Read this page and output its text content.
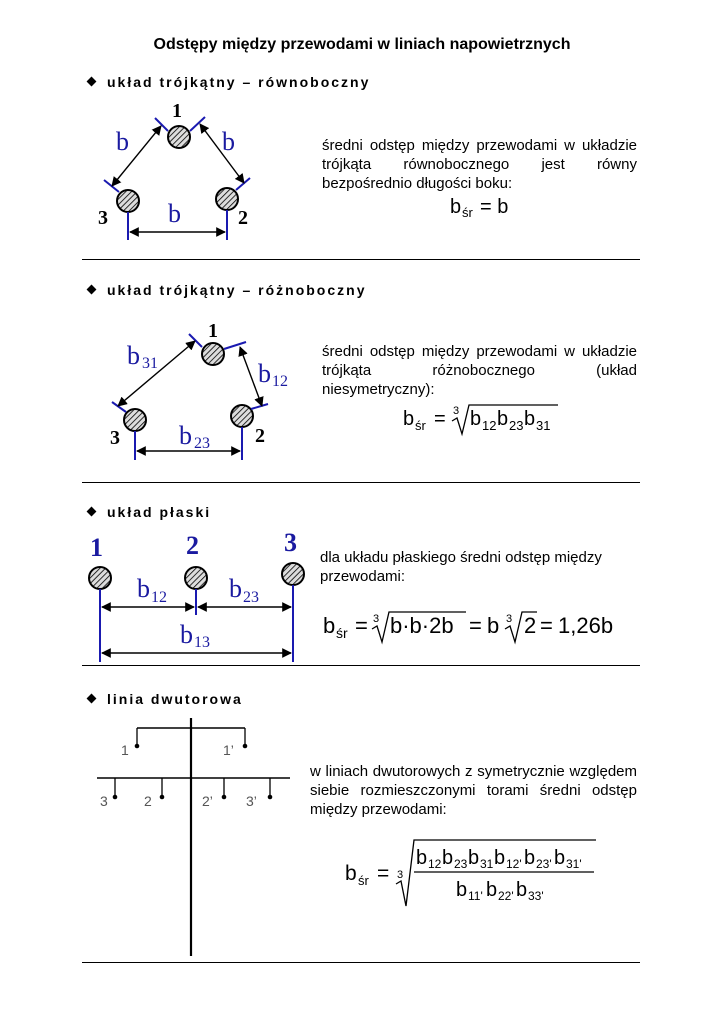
Odstępy między przewodami w liniach napowietrznych
układ trójkątny – równoboczny
1
3	2
b	b
b	b śr = b
średni odstęp między przewodami w układzie trójkąta równobocznego jest równy bezpośrednio długości boku:
układ trójkątny – różnoboczny
1
3	2
b 31	b 12
b 23
b śr = 3 b 12 b 23 b 31
średni odstęp między przewodami w układzie trójkąta różnobocznego (układ niesymetryczny):
układ płaski
1	2	3
b 12 b 23
b 13
b śr = 3 b·b·2b = b 3 2 = 1,26b
dla układu płaskiego średni odstęp między przewodami:
linia dwutorowa
1	1’
3	2	2’ 3’
b śr = 3
b 12 b 23 b 31 b 12' b 23' b 31'
b 11' b 22' b 33'
w liniach dwutorowych z symetrycznie względem siebie rozmieszczonymi torami średni odstęp między przewodami:
